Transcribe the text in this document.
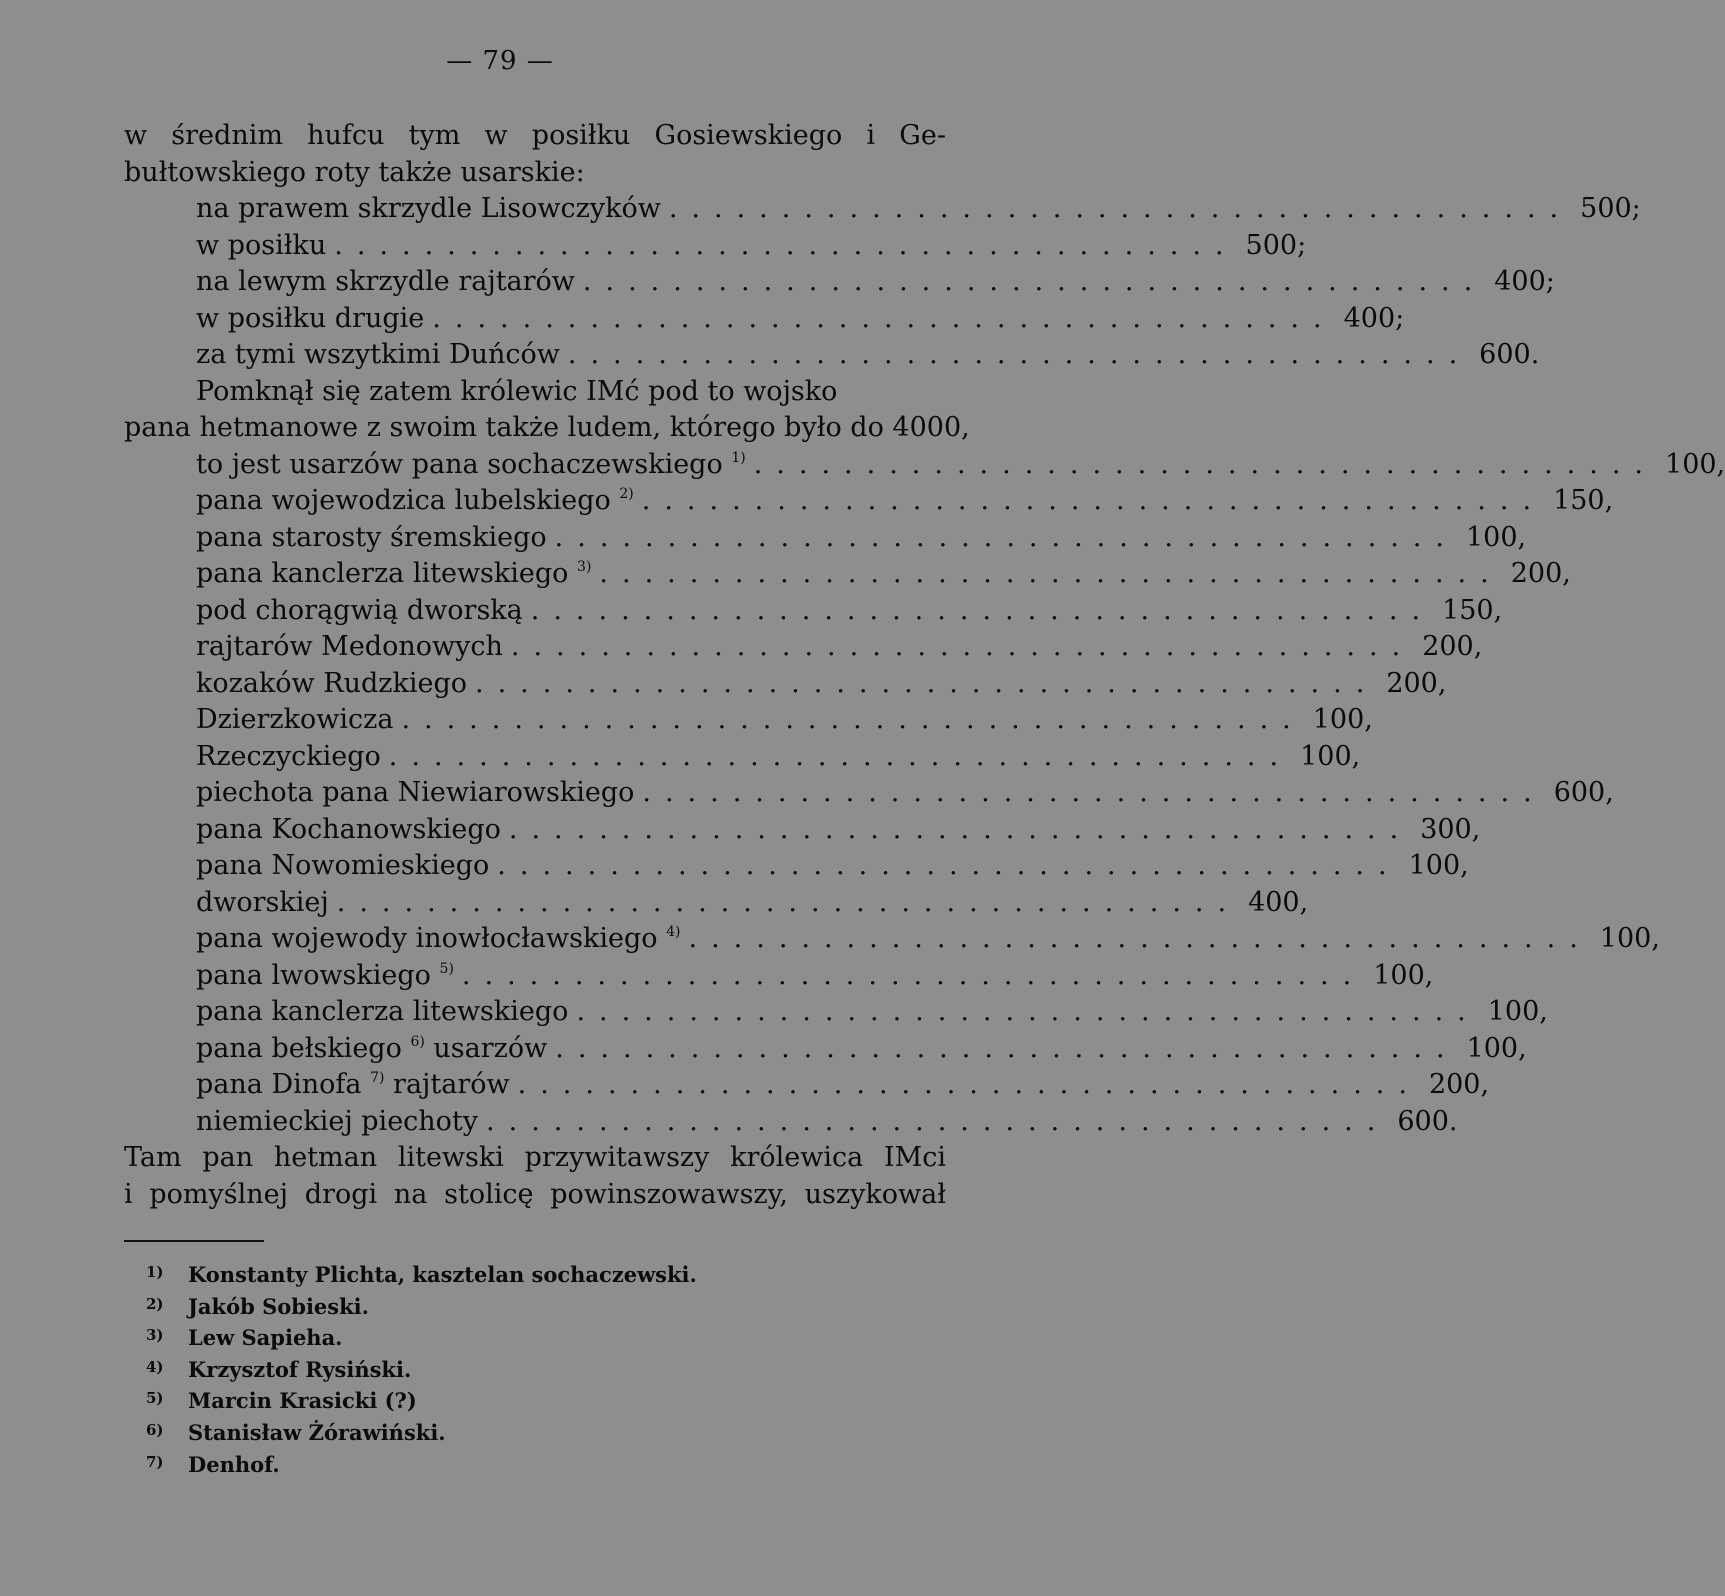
— 79 —
w średnim hufcu tym w posiłku Gosiewskiego i Ge-
bułtowskiego roty także usarskie:
na prawem skrzydle Lisowczyków ........................................ 500;
w posiłku ........................................ 500;
na lewym skrzydle rajtarów ........................................ 400;
w posiłku drugie ........................................ 400;
za tymi wszytkimi Duńców ........................................ 600.
Pomknął się zatem królewic IMć pod to wojsko
pana hetmanowe z swoim także ludem, którego było do 4000,
to jest usarzów pana sochaczewskiego $^{1)}$ ........................................ 100,
pana wojewodzica lubelskiego $^{2)}$ ........................................ 150,
pana starosty śremskiego ........................................ 100,
pana kanclerza litewskiego $^{3)}$ ........................................ 200,
pod chorągwią dworską ........................................ 150,
rajtarów Medonowych ........................................ 200,
kozaków Rudzkiego ........................................ 200,
Dzierzkowicza ........................................ 100,
Rzeczyckiego ........................................ 100,
piechota pana Niewiarowskiego ........................................ 600,
pana Kochanowskiego ........................................ 300,
pana Nowomieskiego ........................................ 100,
dworskiej ........................................ 400,
pana wojewody inowłocławskiego $^{4)}$ ........................................ 100,
pana lwowskiego $^{5)}$ ........................................ 100,
pana kanclerza litewskiego ........................................ 100,
pana bełskiego $^{6)}$ usarzów ........................................ 100,
pana Dinofa $^{7)}$ rajtarów ........................................ 200,
niemieckiej piechoty ........................................ 600.
Tam pan hetman litewski przywitawszy królewica IMci
i pomyślnej drogi na stolicę powinszowawszy, uszykował
1) Konstanty Plichta, kasztelan sochaczewski.
2) Jakób Sobieski.
3) Lew Sapieha.
4) Krzysztof Rysiński.
5) Marcin Krasicki (?)
6) Stanisław Żórawiński.
7) Denhof.
